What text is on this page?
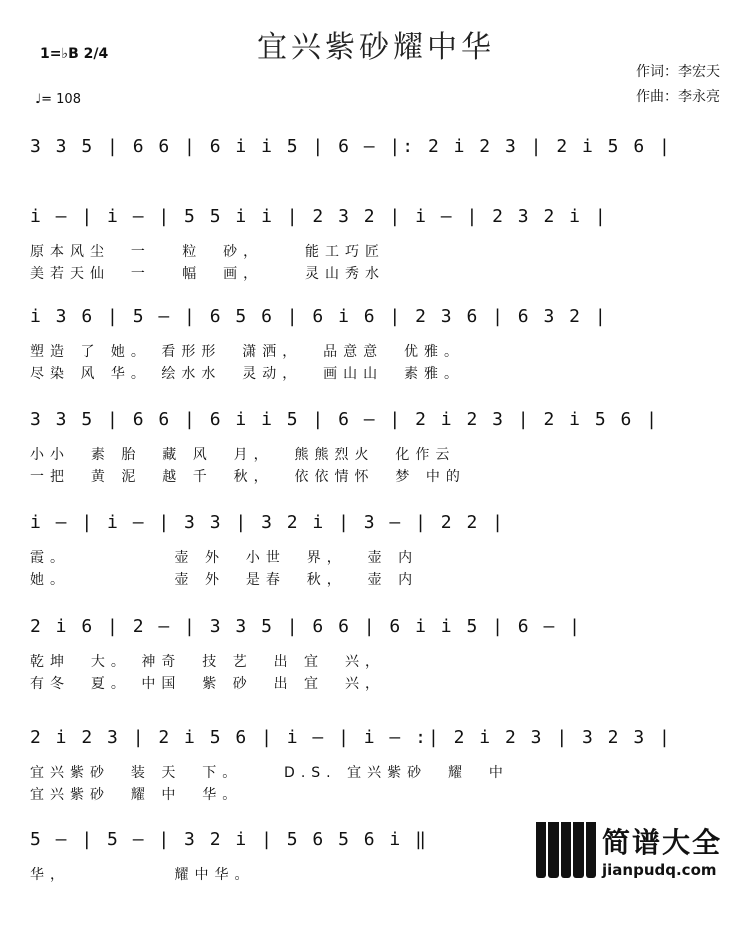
宜兴紫砂耀中华
1=♭B 2/4
♩= 108
作词：李宏天
作曲：李永亮
3 3 5 | 6 6 | 6 i i 5 | 6 – |: 2 i 2 3 | 2 i 5 6 |
i – | i – | 5 5 i i | 2 3 2 | i – | 2 3 2 i |
原本风尘  一   粒  砂，    能工巧匠
美若天仙  一   幅  画，    灵山秀水
i 3 6 | 5 – | 6 5 6 | 6 i 6 | 2 3 6 | 6 3 2 |
塑造 了 她。 看形形  潇洒，  品意意  优雅。
尽染 风 华。 绘水水  灵动，  画山山  素雅。
3 3 5 | 6 6 | 6 i i 5 | 6 – | 2 i 2 3 | 2 i 5 6 |
小小  素 胎  藏 风  月，  熊熊烈火  化作云
一把  黄 泥  越 千  秋，  依依情怀  梦 中的
i – | i – | 3 3 | 3 2 i | 3 – | 2 2 |
霞。          壶 外  小世  界，  壶 内
她。          壶 外  是春  秋，  壶 内
2 i 6 | 2 – | 3 3 5 | 6 6 | 6 i i 5 | 6 – |
乾坤  大。 神奇  技 艺  出 宜  兴，
有冬  夏。 中国  紫 砂  出 宜  兴，
2 i 2 3 | 2 i 5 6 | i – | i – :| 2 i 2 3 | 3 2 3 |
宜兴紫砂  装 天  下。    D.S. 宜兴紫砂  耀  中
宜兴紫砂  耀 中  华。
5 – | 5 – | 3 2 i | 5 6 5 6 i ‖
华，          耀中华。
简谱大全
jianpudq.com
